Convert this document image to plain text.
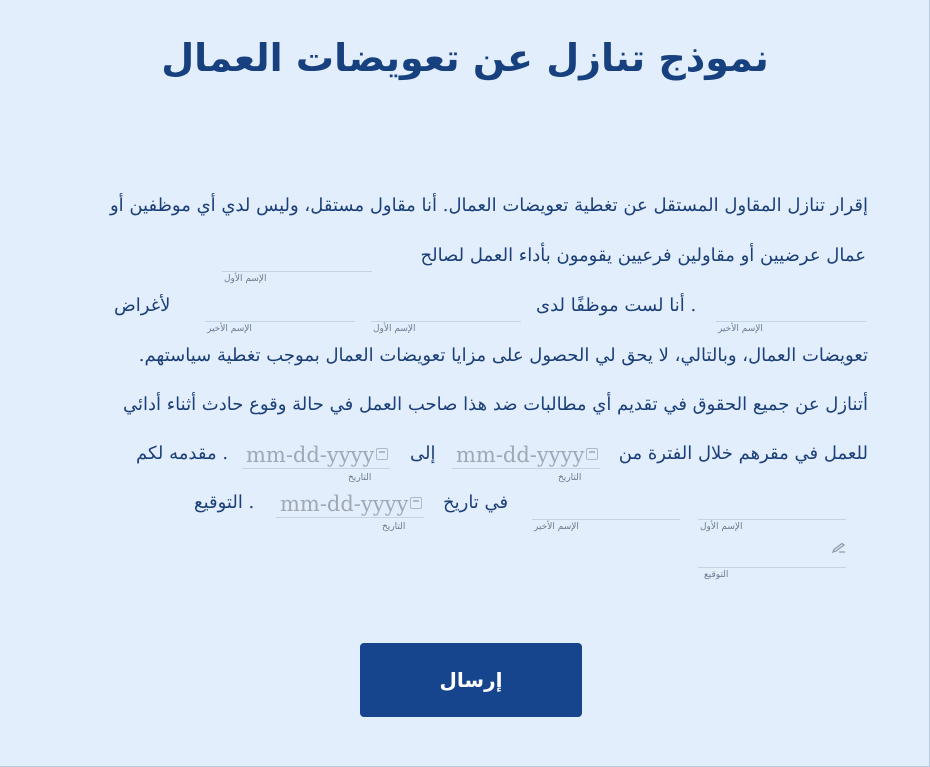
نموذج تنازل عن تعويضات العمال
إقرار تنازل المقاول المستقل عن تغطية تعويضات العمال. أنا مقاول مستقل، وليس لدي أي موظفين أو
عمال عرضيين أو مقاولين فرعيين يقومون بأداء العمل لصالح
الإسم الأول
الإسم الأخير
. أنا لست موظفًا لدى
الإسم الأول
الإسم الأخير
لأغراض
تعويضات العمال، وبالتالي، لا يحق لي الحصول على مزايا تعويضات العمال بموجب تغطية سياستهم.
أتنازل عن جميع الحقوق في تقديم أي مطالبات ضد هذا صاحب العمل في حالة وقوع حادث أثناء أدائي
للعمل في مقرهم خلال الفترة من
mm-dd-yyyy
التاريخ
إلى
mm-dd-yyyy
التاريخ
. مقدمه لكم
الإسم الأول
الإسم الأخير
في تاريخ
mm-dd-yyyy
التاريخ
. التوقيع
التوقيع
إرسال
